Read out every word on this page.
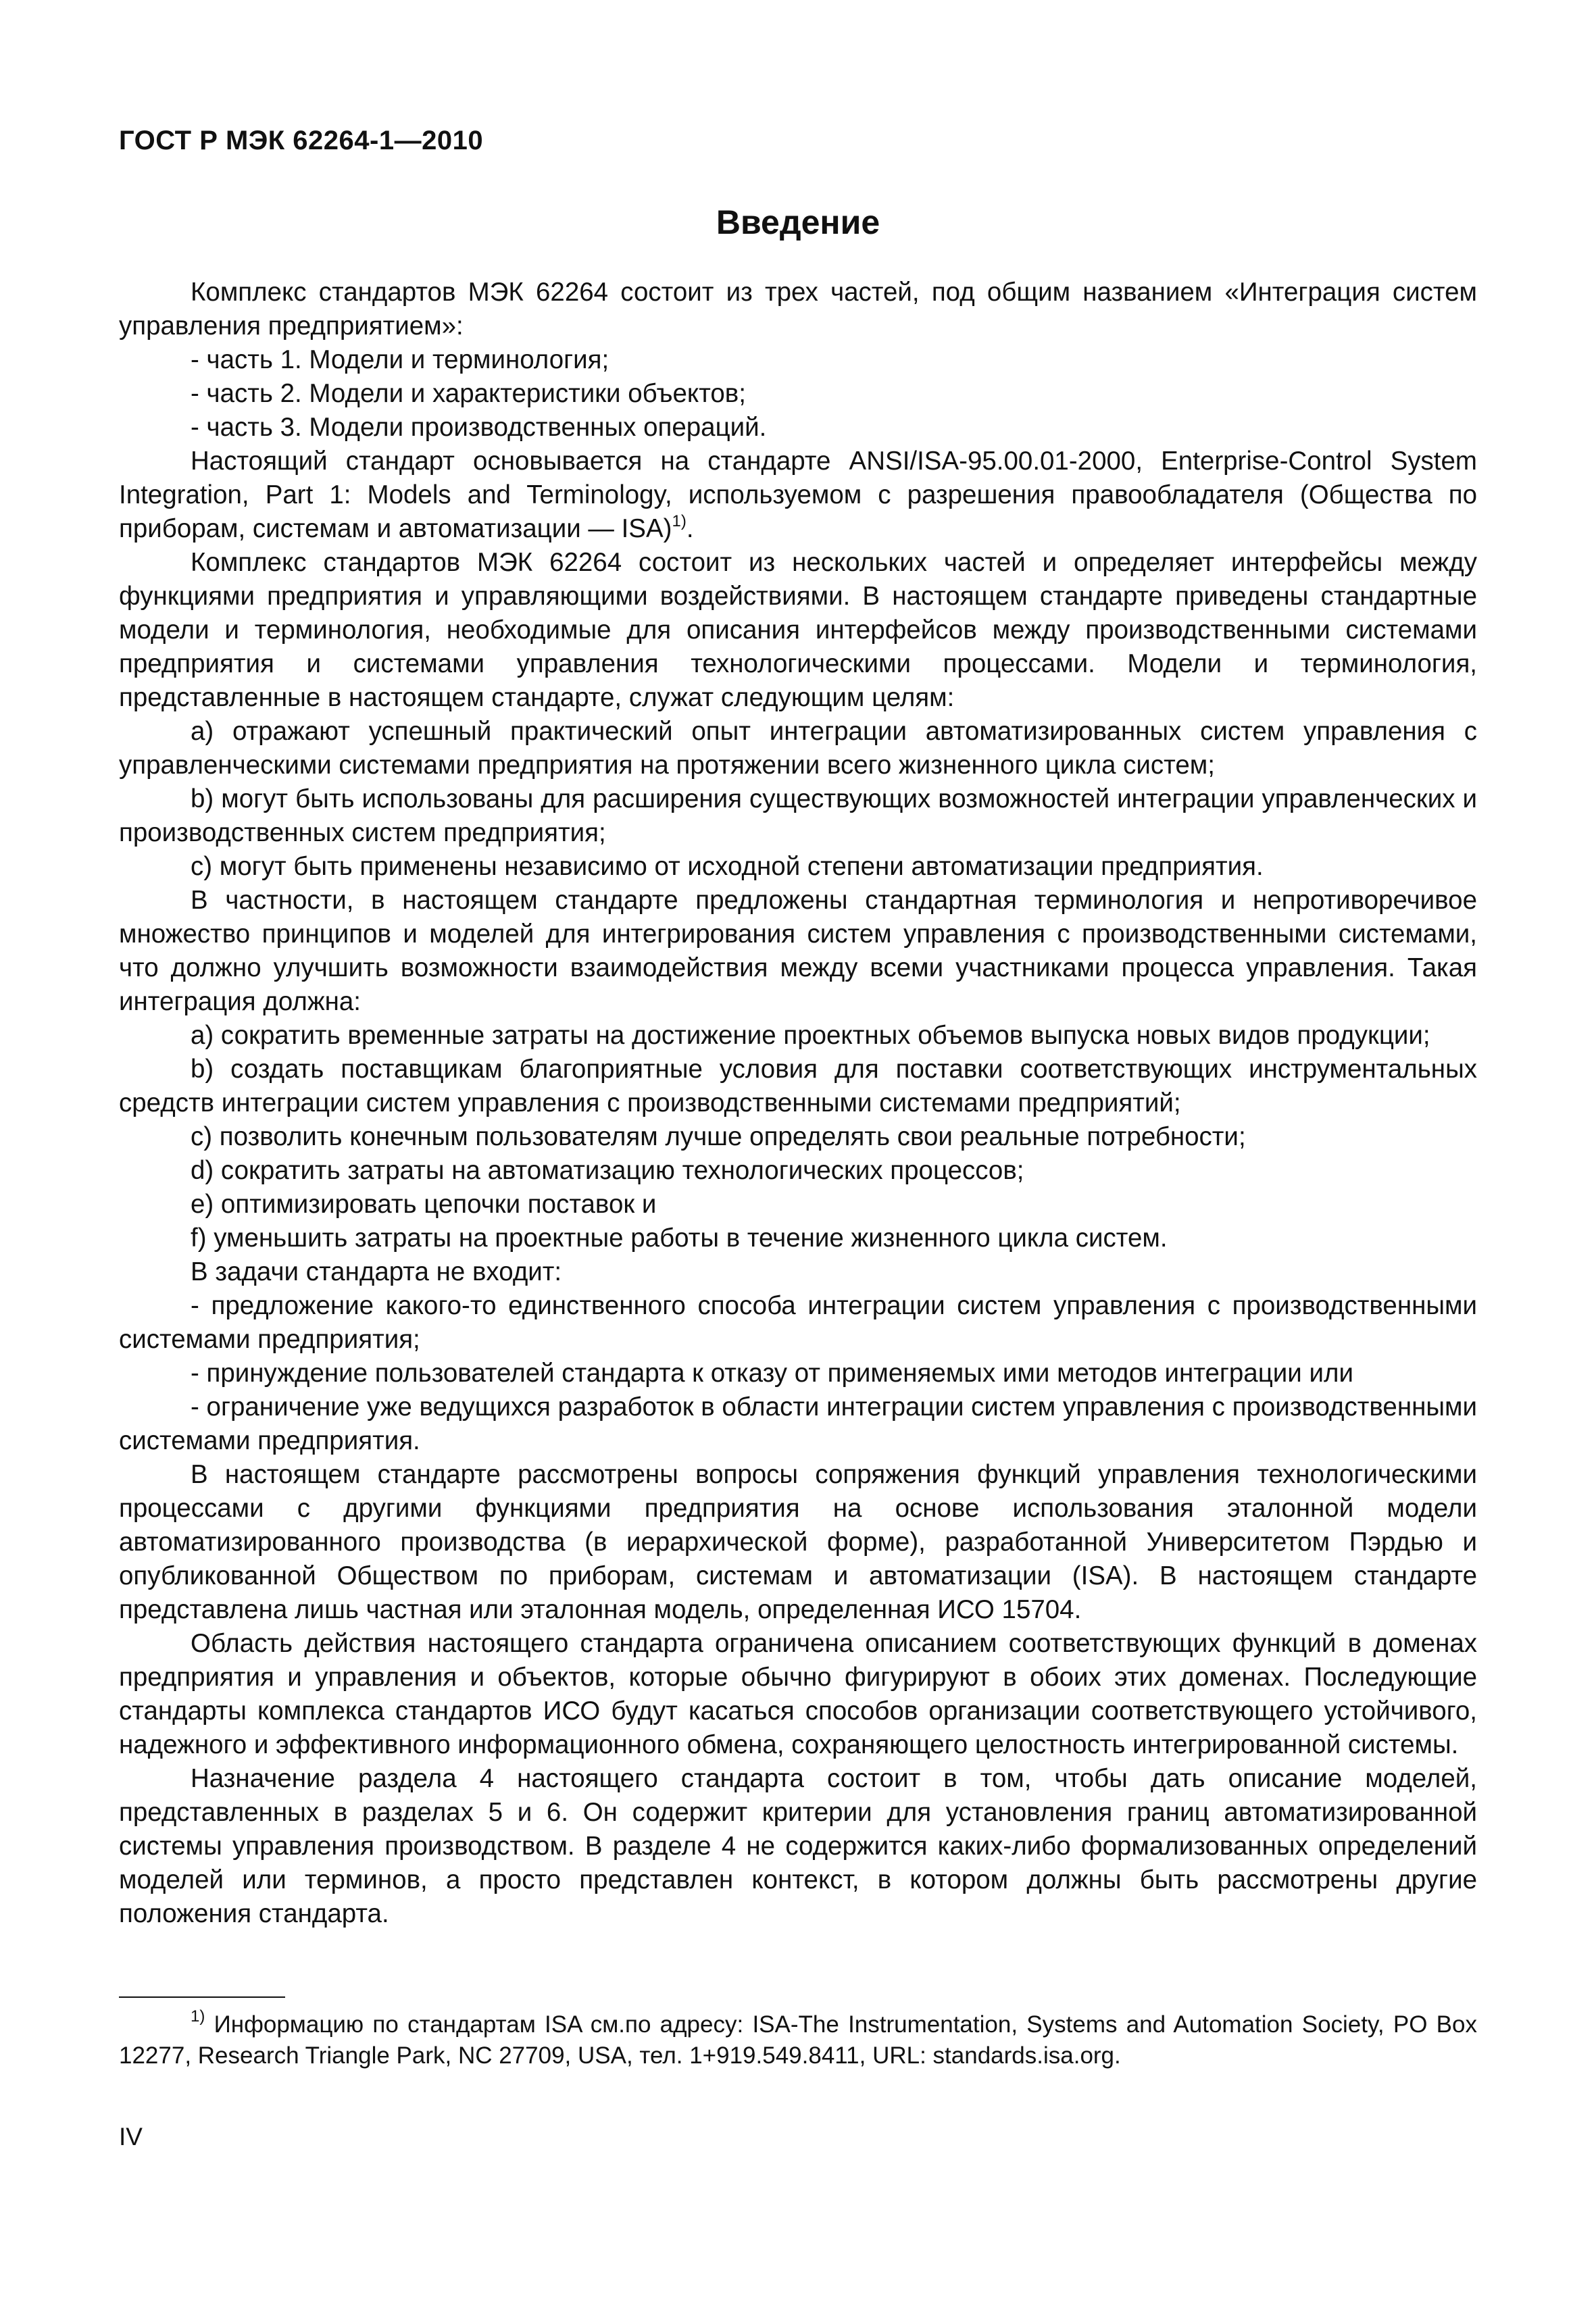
ГОСТ Р МЭК 62264-1—2010
Введение

Комплекс стандартов МЭК 62264 состоит из трех частей, под общим названием «Интеграция систем управления предприятием»:

- часть 1. Модели и терминология;

- часть 2. Модели и характеристики объектов;

- часть 3. Модели производственных операций.

Настоящий стандарт основывается на стандарте ANSI/ISA-95.00.01-2000, Enterprise-Control System Integration, Part 1: Models and Terminology, используемом с разрешения правообладателя (Общества по приборам, системам и автоматизации — ISA)$^{1)}$.

Комплекс стандартов МЭК 62264 состоит из нескольких частей и определяет интерфейсы между функциями предприятия и управляющими воздействиями. В настоящем стандарте приведены стандартные модели и терминология, необходимые для описания интерфейсов между производственными системами предприятия и системами управления технологическими процессами. Модели и терминология, представленные в настоящем стандарте, служат следующим целям:

a) отражают успешный практический опыт интеграции автоматизированных систем управления с управленческими системами предприятия на протяжении всего жизненного цикла систем;

b) могут быть использованы для расширения существующих возможностей интеграции управленческих и производственных систем предприятия;

c) могут быть применены независимо от исходной степени автоматизации предприятия.

В частности, в настоящем стандарте предложены стандартная терминология и непротиворечивое множество принципов и моделей для интегрирования систем управления с производственными системами, что должно улучшить возможности взаимодействия между всеми участниками процесса управления. Такая интеграция должна:

a) сократить временные затраты на достижение проектных объемов выпуска новых видов продукции;

b) создать поставщикам благоприятные условия для поставки соответствующих инструментальных средств интеграции систем управления с производственными системами предприятий;

c) позволить конечным пользователям лучше определять свои реальные потребности;

d) сократить затраты на автоматизацию технологических процессов;

e) оптимизировать цепочки поставок и

f) уменьшить затраты на проектные работы в течение жизненного цикла систем.

В задачи стандарта не входит:

- предложение какого-то единственного способа интеграции систем управления с производственными системами предприятия;

- принуждение пользователей стандарта к отказу от применяемых ими методов интеграции или

- ограничение уже ведущихся разработок в области интеграции систем управления с производственными системами предприятия.

В настоящем стандарте рассмотрены вопросы сопряжения функций управления технологическими процессами с другими функциями предприятия на основе использования эталонной модели автоматизированного производства (в иерархической форме), разработанной Университетом Пэрдью и опубликованной Обществом по приборам, системам и автоматизации (ISA). В настоящем стандарте представлена лишь частная или эталонная модель, определенная ИСО 15704.

Область действия настоящего стандарта ограничена описанием соответствующих функций в доменах предприятия и управления и объектов, которые обычно фигурируют в обоих этих доменах. Последующие стандарты комплекса стандартов ИСО будут касаться способов организации соответствующего устойчивого, надежного и эффективного информационного обмена, сохраняющего целостность интегрированной системы.

Назначение раздела 4 настоящего стандарта состоит в том, чтобы дать описание моделей, представленных в разделах 5 и 6. Он содержит критерии для установления границ автоматизированной системы управления производством. В разделе 4 не содержится каких-либо формализованных определений моделей или терминов, а просто представлен контекст, в котором должны быть рассмотрены другие положения стандарта.

$^{1)}$ Информацию по стандартам ISA см.по адресу: ISA-The Instrumentation, Systems and Automation Society, PO Box 12277, Research Triangle Park, NC 27709, USA, тел. 1+919.549.8411, URL: standards.isa.org.

IV
